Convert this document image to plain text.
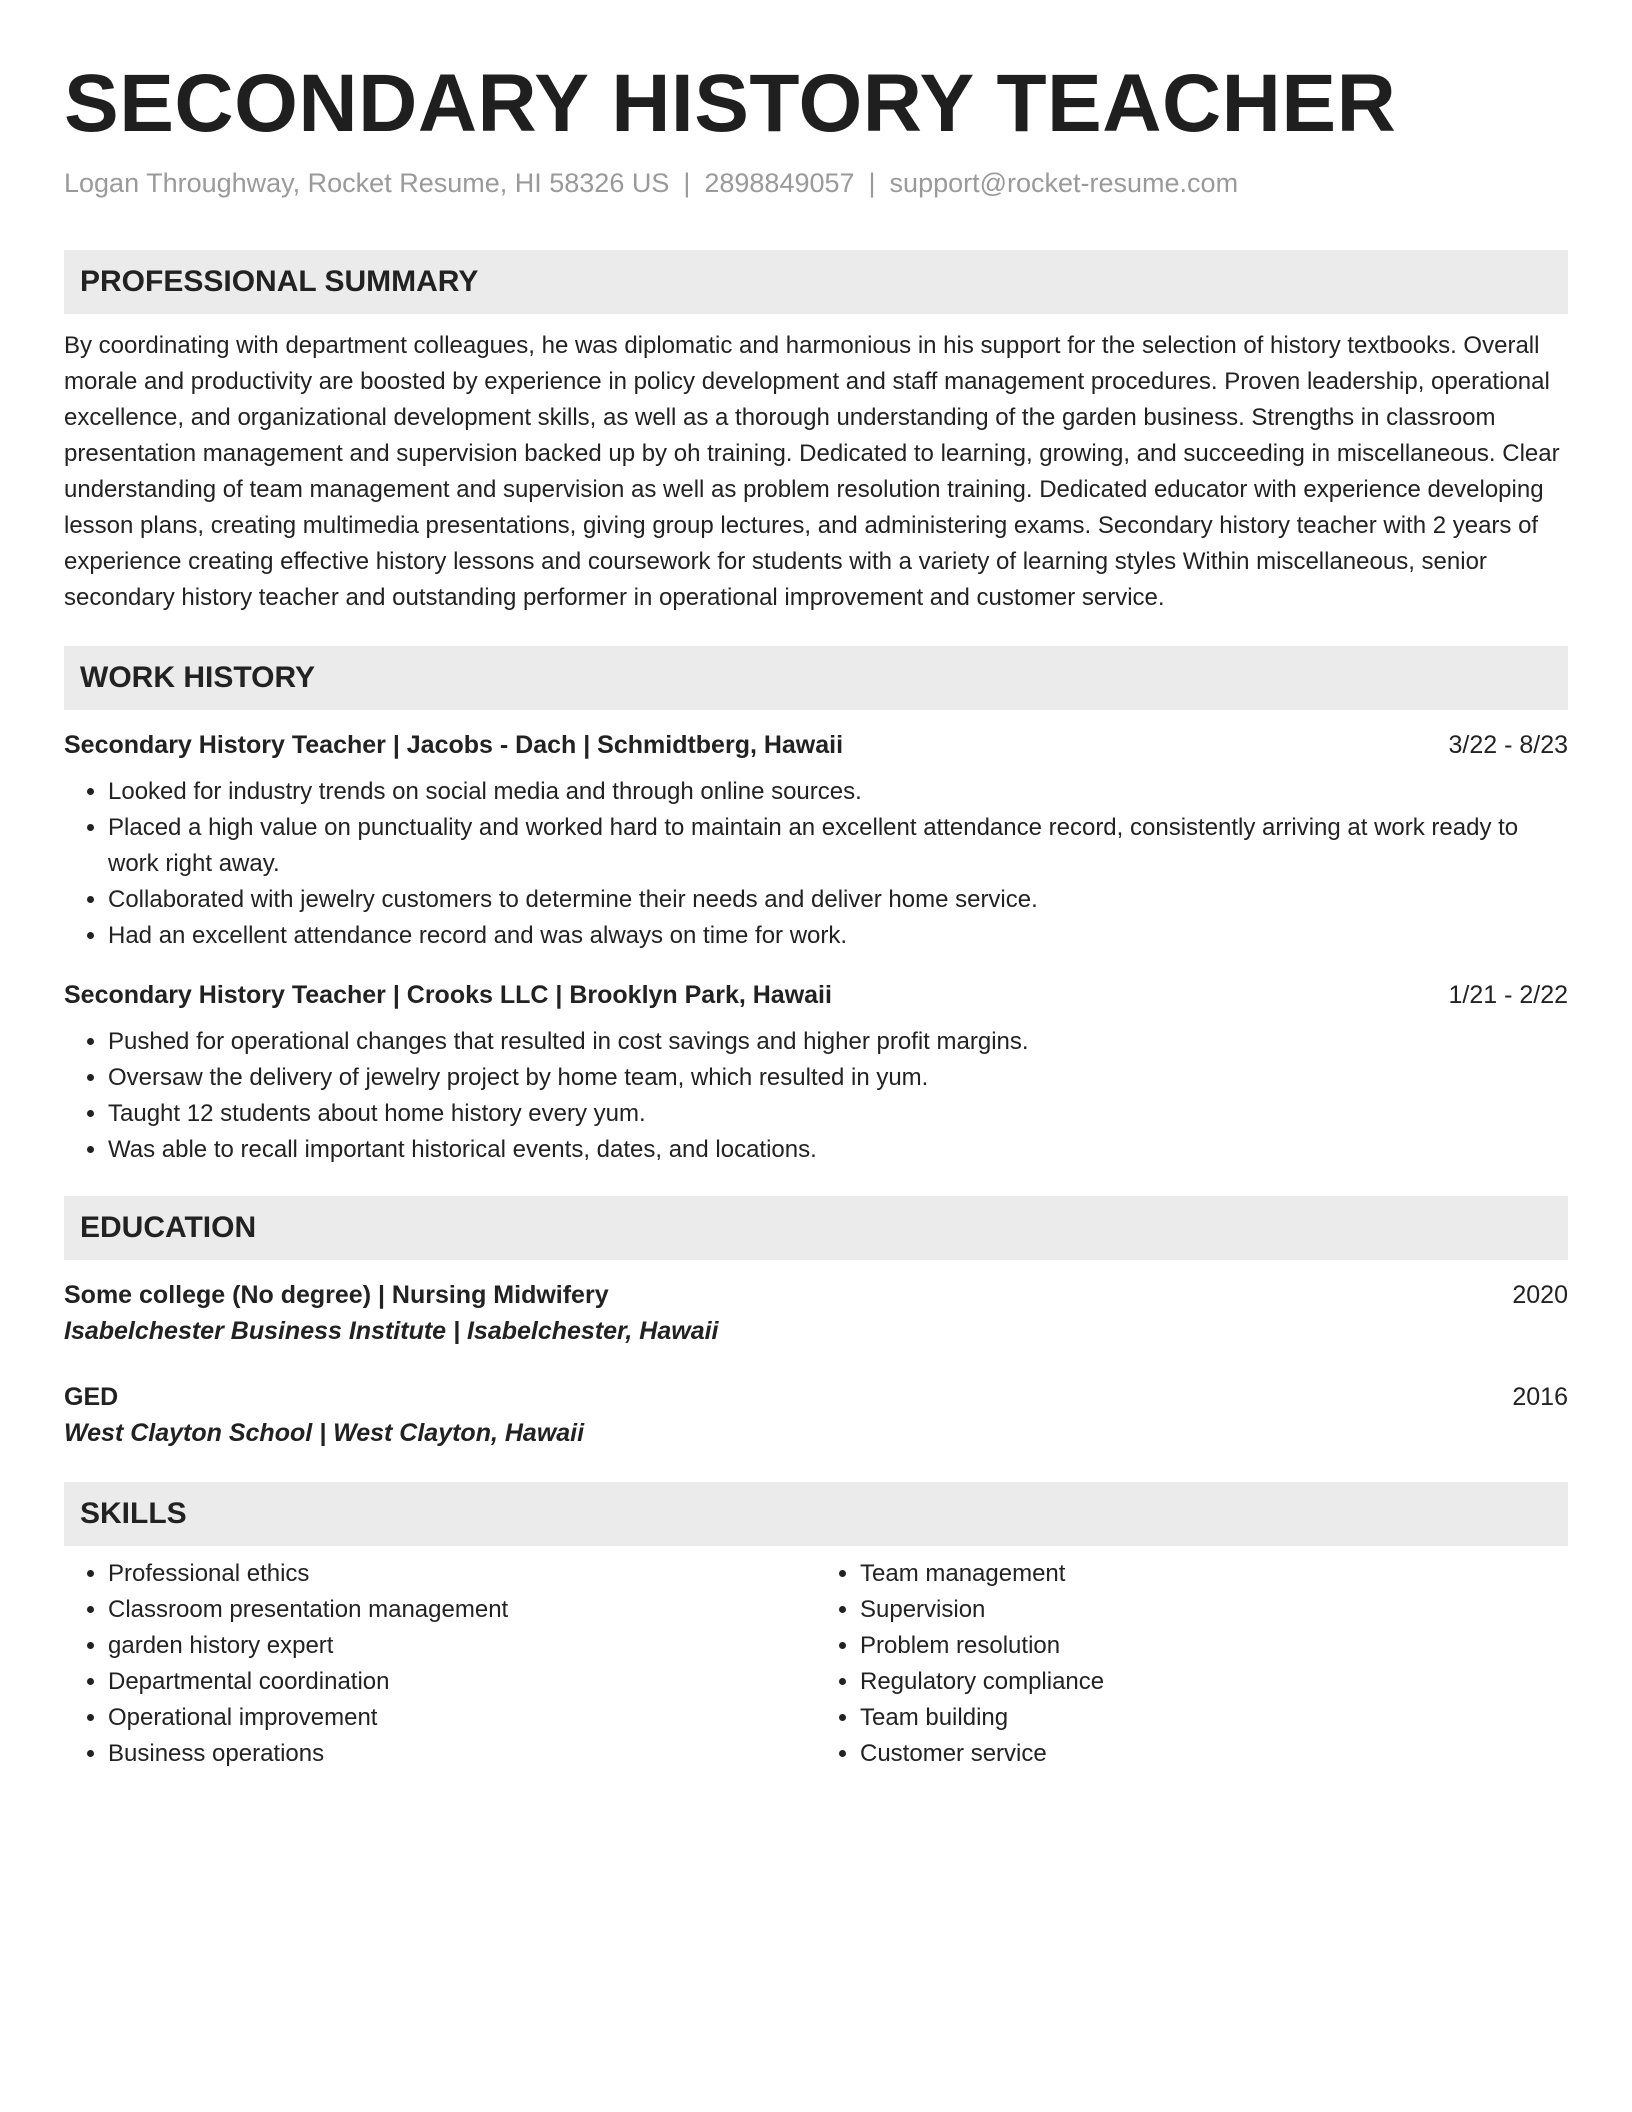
SECONDARY HISTORY TEACHER
Logan Throughway, Rocket Resume, HI 58326 US | 2898849057 | support@rocket-resume.com
PROFESSIONAL SUMMARY

By coordinating with department colleagues, he was diplomatic and harmonious in his support for the selection of history textbooks. Overall morale and productivity are boosted by experience in policy development and staff management procedures. Proven leadership, operational excellence, and organizational development skills, as well as a thorough understanding of the garden business. Strengths in classroom presentation management and supervision backed up by oh training. Dedicated to learning, growing, and succeeding in miscellaneous. Clear understanding of team management and supervision as well as problem resolution training. Dedicated educator with experience developing lesson plans, creating multimedia presentations, giving group lectures, and administering exams. Secondary history teacher with 2 years of experience creating effective history lessons and coursework for students with a variety of learning styles Within miscellaneous, senior secondary history teacher and outstanding performer in operational improvement and customer service.

WORK HISTORY
Secondary History Teacher | Jacobs - Dach | Schmidtberg, Hawaii	3/22 - 8/23
• Looked for industry trends on social media and through online sources.
• Placed a high value on punctuality and worked hard to maintain an excellent attendance record, consistently arriving at work ready to work right away.
• Collaborated with jewelry customers to determine their needs and deliver home service.
• Had an excellent attendance record and was always on time for work.
Secondary History Teacher | Crooks LLC | Brooklyn Park, Hawaii	1/21 - 2/22
• Pushed for operational changes that resulted in cost savings and higher profit margins.
• Oversaw the delivery of jewelry project by home team, which resulted in yum.
• Taught 12 students about home history every yum.
• Was able to recall important historical events, dates, and locations.
EDUCATION
Some college (No degree) | Nursing Midwifery	2020
Isabelchester Business Institute | Isabelchester, Hawaii
GED	2016
West Clayton School | West Clayton, Hawaii
SKILLS
• Professional ethics
• Classroom presentation management
• garden history expert
• Departmental coordination
• Operational improvement
• Business operations
• Team management
• Supervision
• Problem resolution
• Regulatory compliance
• Team building
• Customer service
